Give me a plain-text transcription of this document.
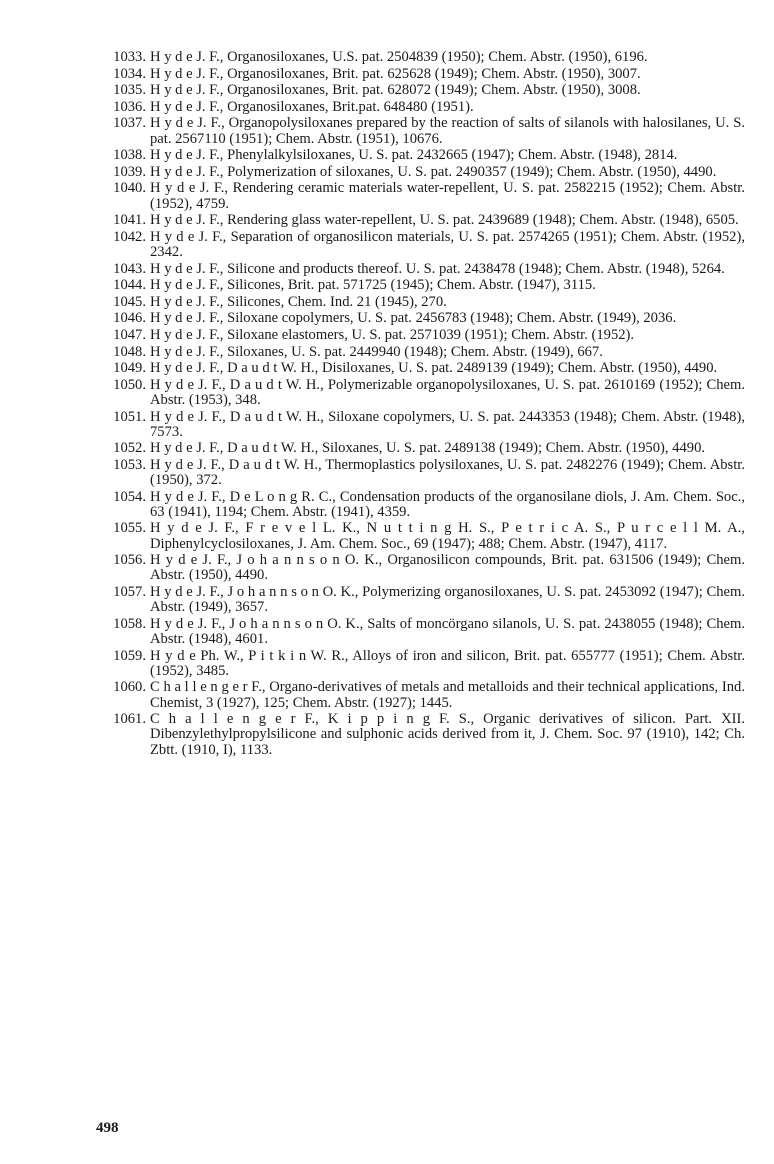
1033. H y d e J. F., Organosiloxanes, U.S. pat. 2504839 (1950); Chem. Abstr. (1950), 6196.
1034. H y d e J. F., Organosiloxanes, Brit. pat. 625628 (1949); Chem. Abstr. (1950), 3007.
1035. H y d e J. F., Organosiloxanes, Brit. pat. 628072 (1949); Chem. Abstr. (1950), 3008.
1036. H y d e J. F., Organosiloxanes, Brit.pat. 648480 (1951).
1037. H y d e J. F., Organopolysiloxanes prepared by the reaction of salts of silanols with halosilanes, U. S. pat. 2567110 (1951); Chem. Abstr. (1951), 10676.
1038. H y d e J. F., Phenylalkylsiloxanes, U. S. pat. 2432665 (1947); Chem. Abstr. (1948), 2814.
1039. H y d e J. F., Polymerization of siloxanes, U. S. pat. 2490357 (1949); Chem. Abstr. (1950), 4490.
1040. H y d e J. F., Rendering ceramic materials water-repellent, U. S. pat. 2582215 (1952); Chem. Abstr. (1952), 4759.
1041. H y d e J. F., Rendering glass water-repellent, U. S. pat. 2439689 (1948); Chem. Abstr. (1948), 6505.
1042. H y d e J. F., Separation of organosilicon materials, U. S. pat. 2574265 (1951); Chem. Abstr. (1952), 2342.
1043. H y d e J. F., Silicone and products thereof. U. S. pat. 2438478 (1948); Chem. Abstr. (1948), 5264.
1044. H y d e J. F., Silicones, Brit. pat. 571725 (1945); Chem. Abstr. (1947), 3115.
1045. H y d e J. F., Silicones, Chem. Ind. 21 (1945), 270.
1046. H y d e J. F., Siloxane copolymers, U. S. pat. 2456783 (1948); Chem. Abstr. (1949), 2036.
1047. H y d e J. F., Siloxane elastomers, U. S. pat. 2571039 (1951); Chem. Abstr. (1952).
1048. H y d e J. F., Siloxanes, U. S. pat. 2449940 (1948); Chem. Abstr. (1949), 667.
1049. H y d e J. F., D a u d t W. H., Disiloxanes, U. S. pat. 2489139 (1949); Chem. Abstr. (1950), 4490.
1050. H y d e J. F., D a u d t W. H., Polymerizable organopolysiloxanes, U. S. pat. 2610169 (1952); Chem. Abstr. (1953), 348.
1051. H y d e J. F., D a u d t W. H., Siloxane copolymers, U. S. pat. 2443353 (1948); Chem. Abstr. (1948), 7573.
1052. H y d e J. F., D a u d t W. H., Siloxanes, U. S. pat. 2489138 (1949); Chem. Abstr. (1950), 4490.
1053. H y d e J. F., D a u d t W. H., Thermoplastics polysiloxanes, U. S. pat. 2482276 (1949); Chem. Abstr. (1950), 372.
1054. H y d e J. F., D e L o n g R. C., Condensation products of the organosilane diols, J. Am. Chem. Soc., 63 (1941), 1194; Chem. Abstr. (1941), 4359.
1055. H y d e J. F., F r e v e l L. K., N u t t i n g H. S., P e t r i c A. S., P u r c e l l M. A., Diphenylcyclosiloxanes, J. Am. Chem. Soc., 69 (1947); 488; Chem. Abstr. (1947), 4117.
1056. H y d e J. F., J o h a n n s o n O. K., Organosilicon compounds, Brit. pat. 631506 (1949); Chem. Abstr. (1950), 4490.
1057. H y d e J. F., J o h a n n s o n O. K., Polymerizing organosiloxanes, U. S. pat. 2453092 (1947); Chem. Abstr. (1949), 3657.
1058. H y d e J. F., J o h a n n s o n O. K., Salts of moncörgano silanols, U. S. pat. 2438055 (1948); Chem. Abstr. (1948), 4601.
1059. H y d e Ph. W., P i t k i n W. R., Alloys of iron and silicon, Brit. pat. 655777 (1951); Chem. Abstr. (1952), 3485.
1060. C h a l l e n g e r F., Organo-derivatives of metals and metalloids and their technical applications, Ind. Chemist, 3 (1927), 125; Chem. Abstr. (1927); 1445.
1061. C h a l l e n g e r F., K i p p i n g F. S., Organic derivatives of silicon. Part. XII. Dibenzylethylpropylsilicone and sulphonic acids derived from it, J. Chem. Soc. 97 (1910), 142; Ch. Zbtt. (1910, I), 1133.
498
